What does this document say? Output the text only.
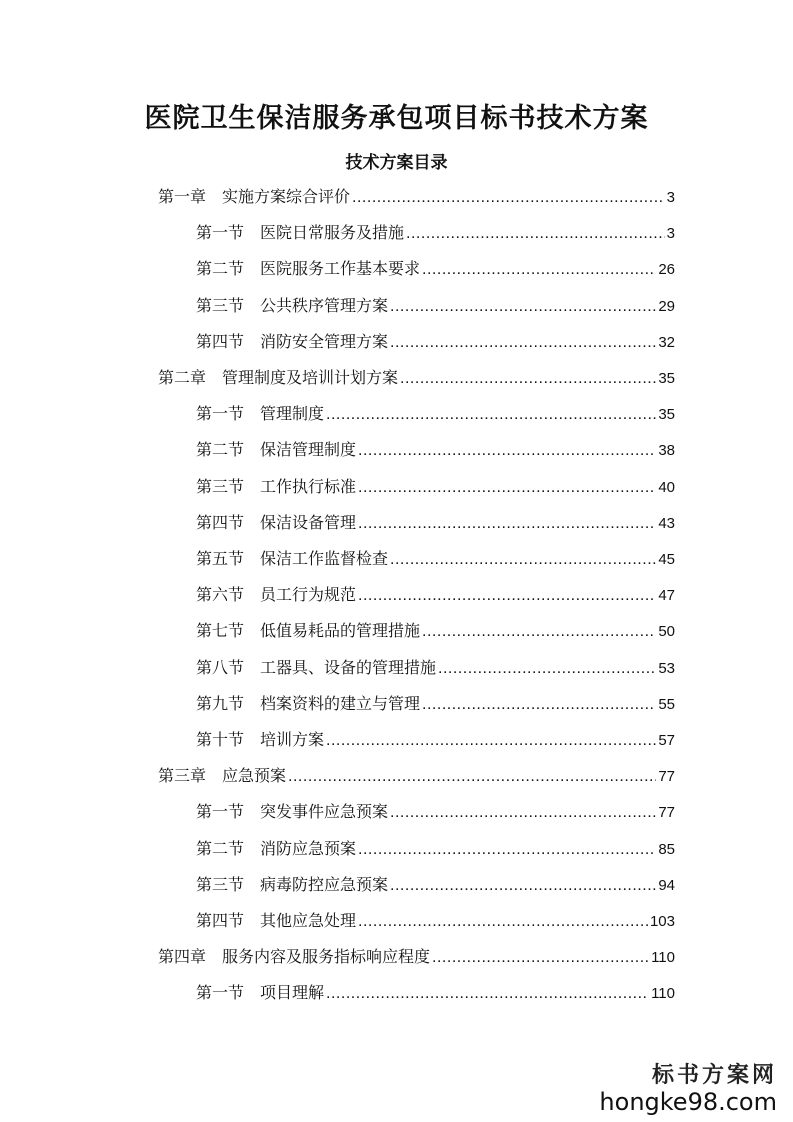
医院卫生保洁服务承包项目标书技术方案
技术方案目录
第一章 实施方案综合评价 .....	3
第一节 医院日常服务及措施 .....	3
第二节 医院服务工作基本要求 .....	26
第三节 公共秩序管理方案 .....	29
第四节 消防安全管理方案 .....	32
第二章 管理制度及培训计划方案 .....	35
第一节 管理制度 .....	35
第二节 保洁管理制度 .....	38
第三节 工作执行标准 .....	40
第四节 保洁设备管理 .....	43
第五节 保洁工作监督检查 .....	45
第六节 员工行为规范 .....	47
第七节 低值易耗品的管理措施 .....	50
第八节 工器具、设备的管理措施 .....	53
第九节 档案资料的建立与管理 .....	55
第十节 培训方案 .....	57
第三章 应急预案 .....	77
第一节 突发事件应急预案 .....	77
第二节 消防应急预案 .....	85
第三节 病毒防控应急预案 .....	94
第四节 其他应急处理 .....	103
第四章 服务内容及服务指标响应程度 .....	110
第一节 项目理解 .....	110
标书方案网
hongke98.com
